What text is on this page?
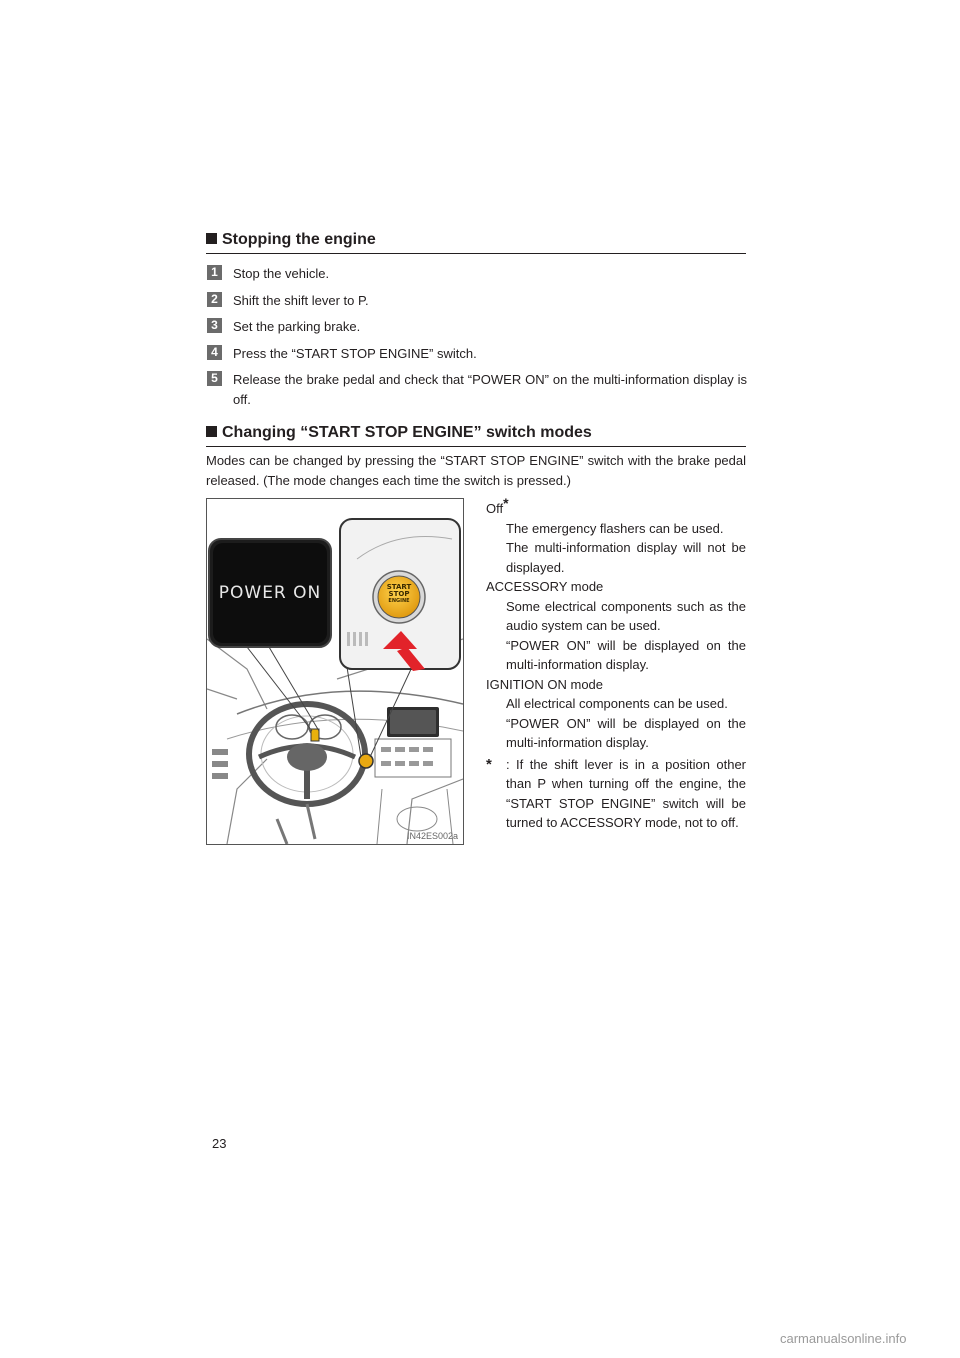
Stopping the engine
1	Stop the vehicle.
2	Shift the shift lever to P.
3	Set the parking brake.
4	Press the “START STOP ENGINE” switch.
5	Release the brake pedal and check that “POWER ON” on the multi-information display is off.
Changing “START STOP ENGINE” switch modes
Modes can be changed by pressing the “START STOP ENGINE” switch with the brake pedal released. (The mode changes each time the switch is pressed.)
POWER ON	START
STOP
ENGINE
IN42ES002a
Off*
The emergency flashers can be used.
The multi-information display will not be displayed.
ACCESSORY mode
Some electrical components such as the audio system can be used.
“POWER ON” will be displayed on the multi-information display.
IGNITION ON mode
All electrical components can be used.
“POWER ON” will be displayed on the multi-information display.
* : If the shift lever is in a position other than P when turning off the engine, the “START STOP ENGINE” switch will be turned to ACCESSORY mode, not to off.
23
carmanualsonline.info
